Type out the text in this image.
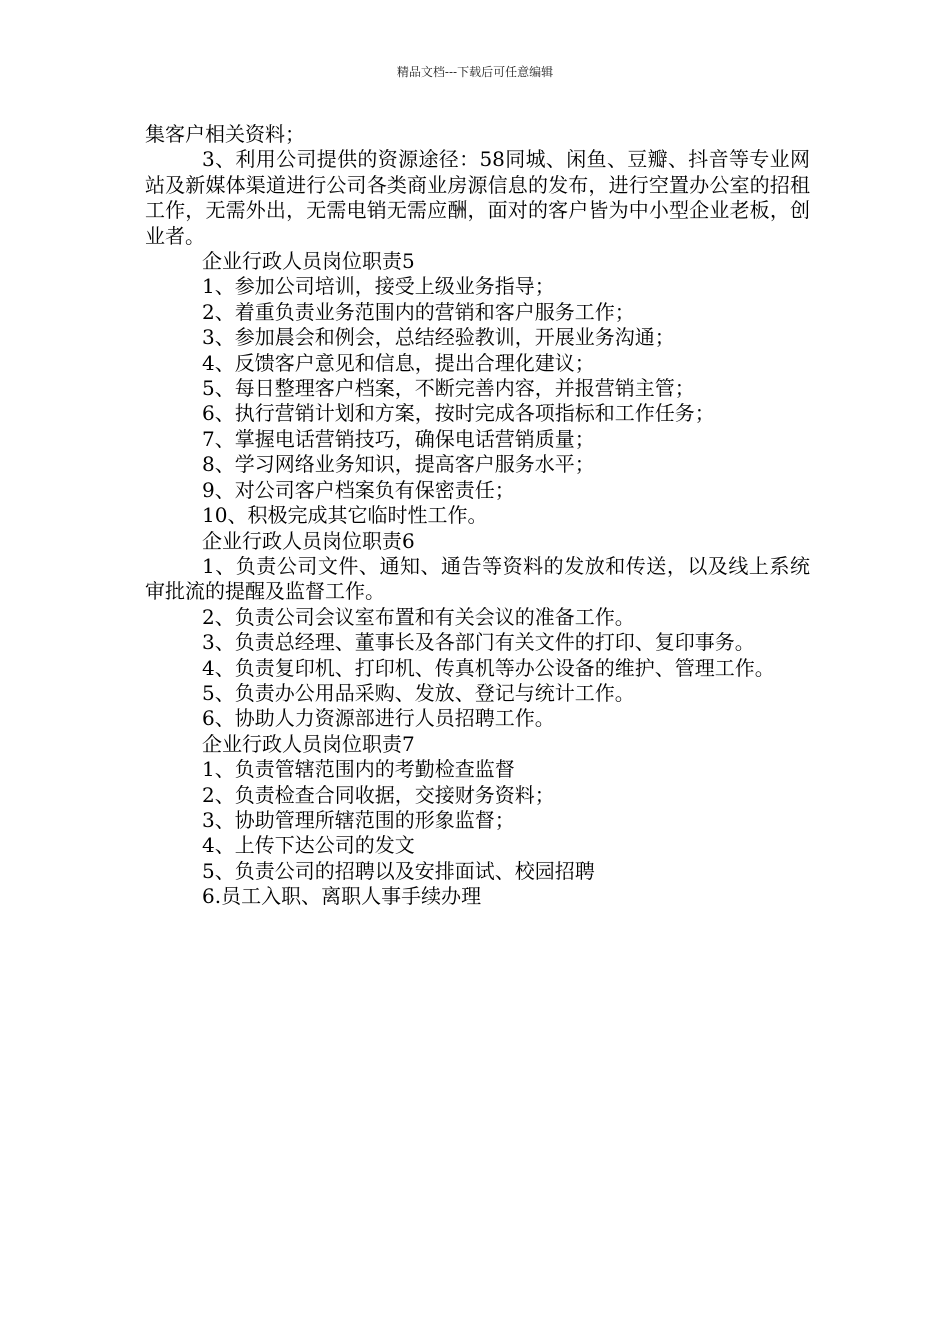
精品文档---下载后可任意编辑

集客户相关资料；

3、利用公司提供的资源途径：58同城、闲鱼、豆瓣、抖音等专业网站及新媒体渠道进行公司各类商业房源信息的发布，进行空置办公室的招租工作，无需外出，无需电销无需应酬，面对的客户皆为中小型企业老板，创业者。

企业行政人员岗位职责5

1、参加公司培训，接受上级业务指导；

2、着重负责业务范围内的营销和客户服务工作；

3、参加晨会和例会，总结经验教训，开展业务沟通；

4、反馈客户意见和信息，提出合理化建议；

5、每日整理客户档案，不断完善内容，并报营销主管；

6、执行营销计划和方案，按时完成各项指标和工作任务；

7、掌握电话营销技巧，确保电话营销质量；

8、学习网络业务知识，提高客户服务水平；

9、对公司客户档案负有保密责任；

10、积极完成其它临时性工作。

企业行政人员岗位职责6

1、负责公司文件、通知、通告等资料的发放和传送，以及线上系统审批流的提醒及监督工作。

2、负责公司会议室布置和有关会议的准备工作。

3、负责总经理、董事长及各部门有关文件的打印、复印事务。

4、负责复印机、打印机、传真机等办公设备的维护、管理工作。

5、负责办公用品采购、发放、登记与统计工作。

6、协助人力资源部进行人员招聘工作。

企业行政人员岗位职责7

1、负责管辖范围内的考勤检查监督

2、负责检查合同收据，交接财务资料；

3、协助管理所辖范围的形象监督；

4、上传下达公司的发文

5、负责公司的招聘以及安排面试、校园招聘

6.员工入职、离职人事手续办理
